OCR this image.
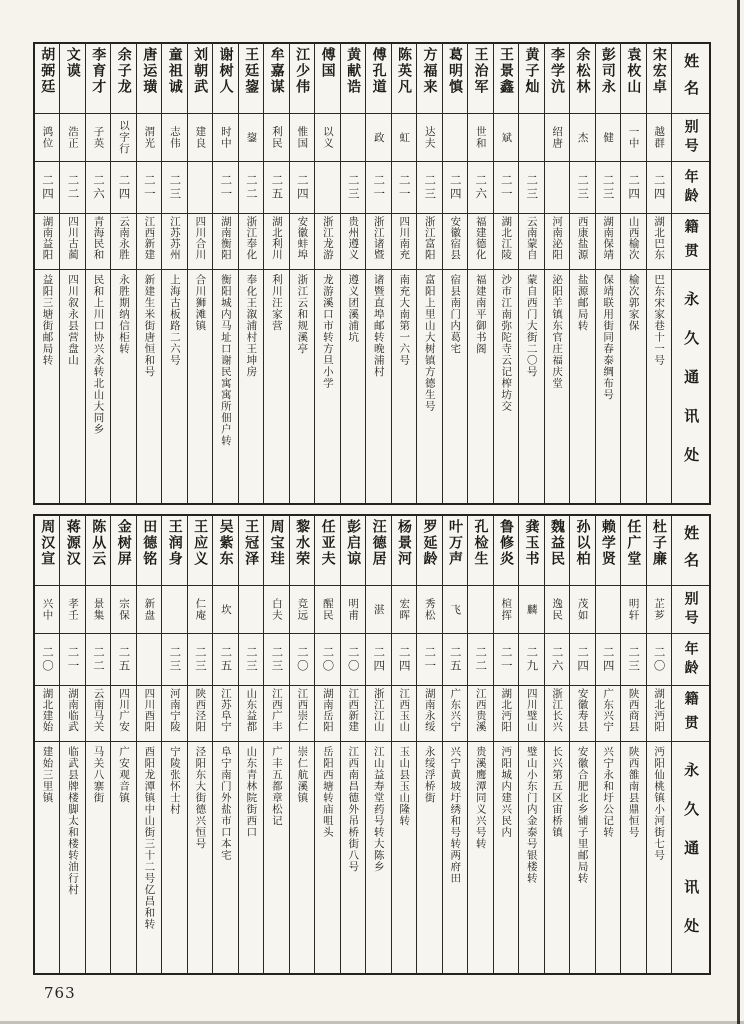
姓名
别号
年龄
籍贯
永久通讯处
宋宏卓
越群
二四
湖北巴东
巴东宋家巷十一号
袁枚山
一中
二四
山西榆次
榆次郭家保
彭司永
健
二三
湖南保靖
保靖联用街同春泰绸布号
余松林
杰
二三
西康盐源
盐源邮局转
李学沆
绍唐
河南泌阳
泌阳羊镇东官庄福庆堂
黄子灿
二三
云南蒙自
蒙自西门大街二〇号
王景鑫
斌
二一
湖北江陵
沙市江南弥陀寺云记榨坊交
王治军
世和
二六
福建德化
福建南平御书阁
葛明慎
二四
安徽宿县
宿县南门内葛宅
方福来
达夫
二三
浙江富阳
富阳上里山大树镇方德生号
陈英凡
虹
二一
四川南充
南充大南第一六号
傅孔道
政
二一
浙江诸暨
诸暨直埠邮转晚浦村
黄献诰
二三
贵州遵义
遵义团溪浦坑
傅国
以义
浙江龙游
龙游溪口市转方旦小学
江少伟
惟国
二四
安徽蚌埠
浙江云和规溪亭
牟嘉谋
利民
二五
湖北利川
利川汪家营
王廷鋆
鋆
二二
浙江奉化
奉化王溆浦村王坤房
谢树人
时中
二一
湖南衡阳
衡阳城内马址口谢民寓寓所佃户转
刘朝武
建良
四川合川
合川狮滩镇
童祖诚
志伟
二三
江苏苏州
上海古板路二六号
唐运璜
渭光
二一
江西新建
新建生米街唐恒和号
余子龙
以字行
二四
云南永胜
永胜期纳信柜转
李育才
子英
二六
青海民和
民和上川口协兴永转北山大同乡
文谟
浩正
二二
四川古蔺
四川叙永县营盘山
胡弼廷
鸿位
二四
湖南益阳
益阳三塘街邮局转
姓名
别号
年龄
籍贯
永久通讯处
杜子廉
芷芗
二〇
湖北沔阳
沔阳仙桃镇小河街七号
任广堂
明轩
二三
陕西商县
陕西雒南县鼎恒号
赖学贤
二四
广东兴宁
兴宁永和圩公记转
孙以柏
茂如
二四
安徽寿县
安徽合肥北乡铺子里邮局转
魏益民
逸民
二六
浙江长兴
长兴第五区宙桥镇
龚玉书
麟
二九
四川璧山
璧山小东门内金泰号银楼转
鲁修炎
楦挥
二一
湖北沔阳
沔阳城内建兴民内
孔检生
二二
江西贵溪
贵溪鹰潭同义兴号转
叶万声
飞
二五
广东兴宁
兴宁黄坡圩绣和号转两府田
罗延龄
秀松
二一
湖南永绥
永绥浮桥街
杨景河
宏晖
二四
江西玉山
玉山县玉山隆转
汪德居
湛
二四
浙江江山
江山益寿堂药号转大陈乡
彭启谅
明甫
二〇
江西新建
江西南昌德外吊桥街八号
任亚夫
醒民
二〇
湖南岳阳
岳阳西塘转庙咀头
黎水荣
竞远
二〇
江西崇仁
崇仁航溪镇
周宝珪
白夫
二三
江西广丰
广丰五都章松记
王冠泽
二三
山东益都
山东青林院街西口
吴紫东
坎
二五
江苏阜宁
阜宁南门外盐市口本宅
王应义
仁庵
二三
陕西泾阳
泾阳东大街德兴恒号
王润身
二三
河南宁陵
宁陵张怀士村
田德铭
新盘
四川酉阳
酉阳龙潭镇中山街三十二号亿昌和转
金树屏
宗保
二五
四川广安
广安观音镇
陈从云
景集
二二
云南马关
马关八寨街
蒋源汉
孝壬
二一
湖南临武
临武县牌楼脚太和楼转油行村
周汉宣
兴中
二〇
湖北建始
建始三里镇
763
